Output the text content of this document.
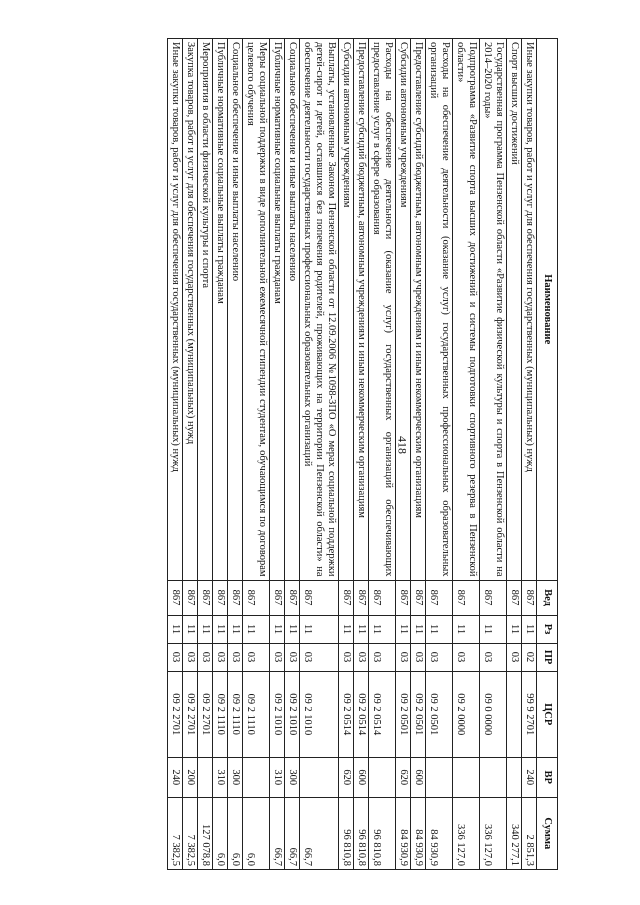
418
Наименование	Вед	Рз	ПР	ЦСР	ВР	Сумма
Иные закупки товаров, работ и услуг для обеспечения государственных (муниципальных) нужд	867	11	02	99 9 2701	240	2 851,3
Спорт высших достижений	867	11	03			340 277,1
Государственная программа Пензенской области «Развитие физической культуры и спорта в Пензенской области на 2014–2020 годы»	867	11	03	09 0 0000		336 127,0
Подпрограмма «Развитие спорта высших достижений и системы подготовки спортивного резерва в Пензенской области»	867	11	03	09 2 0000		336 127,0
Расходы на обеспечение деятельности (оказание услуг) государственных профессиональных образовательных организаций	867	11	03	09 2 0501		84 930,9
Предоставление субсидий бюджетным, автономным учреждениям и иным некоммерческим организациям	867	11	03	09 2 0501	600	84 930,9
Субсидии автономным учреждениям	867	11	03	09 2 0501	620	84 930,9
Расходы на обеспечение деятельности (оказание услуг) государственных организаций обеспечивающих предоставление услуг в сфере образования	867	11	03	09 2 0514		96 810,8
Предоставление субсидий бюджетным, автономным учреждениям и иным некоммерческим организациям	867	11	03	09 2 0514	600	96 810,8
Субсидии автономным учреждениям	867	11	03	09 2 0514	620	96 810,8
Выплаты, установленные Законом Пензенской области от 12.09.2006 №1098-ЗПО «О мерах социальной поддержки детей-сирот и детей, оставшихся без попечения родителей, проживающих на территории Пензенской области» на обеспечение деятельности государственных профессиональных образовательных организаций	867	11	03	09 2 1010		66,7
Социальное обеспечение и иные выплаты населению	867	11	03	09 2 1010	300	66,7
Публичные нормативные социальные выплаты гражданам	867	11	03	09 2 1010	310	66,7
Меры социальной поддержки в виде дополнительной ежемесячной стипендии студентам, обучающимся по договорам целевого обучения	867	11	03	09 2 1110		6,0
Социальное обеспечение и иные выплаты населению	867	11	03	09 2 1110	300	6,0
Публичные нормативные социальные выплаты гражданам	867	11	03	09 2 1110	310	6,0
Мероприятия в области физической культуры и спорта	867	11	03	09 2 2701		127 078,8
Закупка товаров, работ и услуг для обеспечения государственных (муниципальных) нужд	867	11	03	09 2 2701	200	7 382,5
Иные закупки товаров, работ и услуг для обеспечения государственных (муниципальных) нужд	867	11	03	09 2 2701	240	7 382,5
